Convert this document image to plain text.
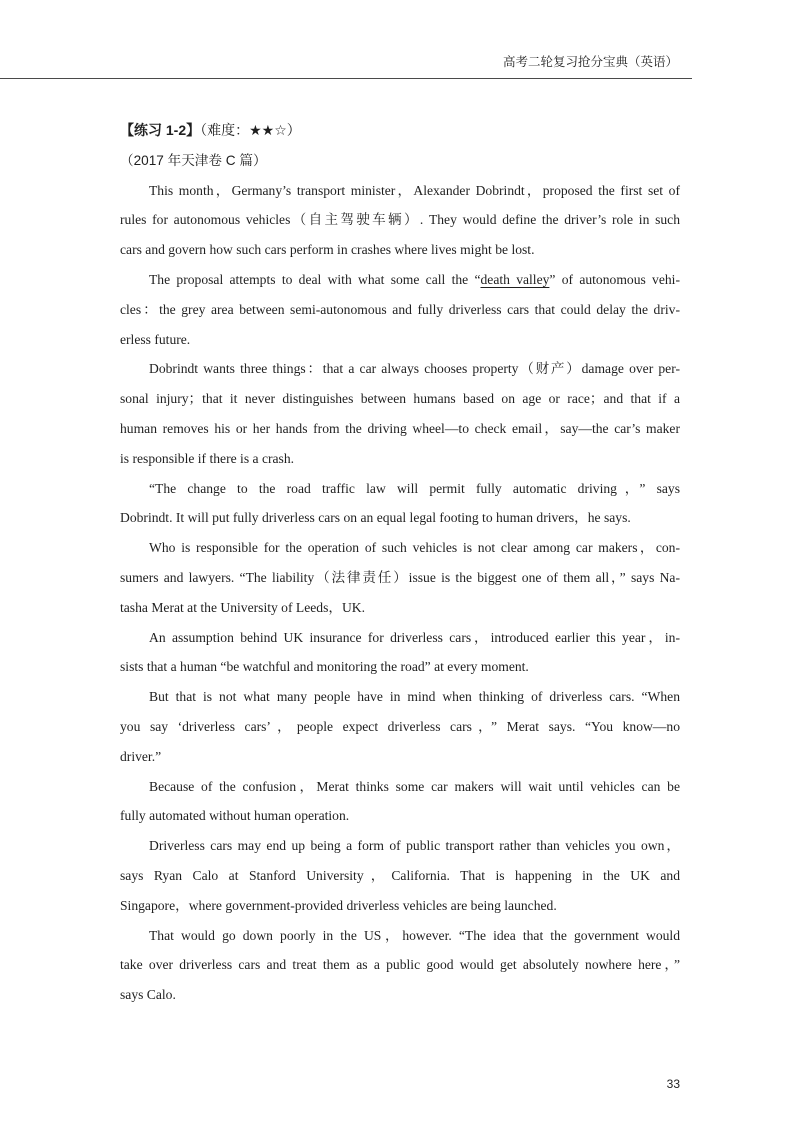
高考二轮复习抢分宝典（英语）
【练习 1-2】（难度：★★☆）
（2017 年天津卷 C 篇）
This month，Germany’s transport minister，Alexander Dobrindt，proposed the first set of
rules for autonomous vehicles（自主驾驶车辆）. They would define the driver’s role in such
cars and govern how such cars perform in crashes where lives might be lost.
The proposal attempts to deal with what some call the “death valley” of autonomous vehi-
cles：the grey area between semi-autonomous and fully driverless cars that could delay the driv-
erless future.
Dobrindt wants three things：that a car always chooses property（财产）damage over per-
sonal injury；that it never distinguishes between humans based on age or race；and that if a
human removes his or her hands from the driving wheel—to check email，say—the car’s maker
is responsible if there is a crash.
“The change to the road traffic law will permit fully automatic driving，” says
Dobrindt. It will put fully driverless cars on an equal legal footing to human drivers，he says.
Who is responsible for the operation of such vehicles is not clear among car makers，con-
sumers and lawyers. “The liability（法律责任）issue is the biggest one of them all，” says Na-
tasha Merat at the University of Leeds，UK.
An assumption behind UK insurance for driverless cars，introduced earlier this year，in-
sists that a human “be watchful and monitoring the road” at every moment.
But that is not what many people have in mind when thinking of driverless cars. “When
you say ‘driverless cars’，people expect driverless cars，” Merat says. “You know—no
driver.”
Because of the confusion，Merat thinks some car makers will wait until vehicles can be
fully automated without human operation.
Driverless cars may end up being a form of public transport rather than vehicles you own，
says Ryan Calo at Stanford University，California. That is happening in the UK and
Singapore，where government-provided driverless vehicles are being launched.
That would go down poorly in the US，however. “The idea that the government would
take over driverless cars and treat them as a public good would get absolutely nowhere here，”
says Calo.
33
